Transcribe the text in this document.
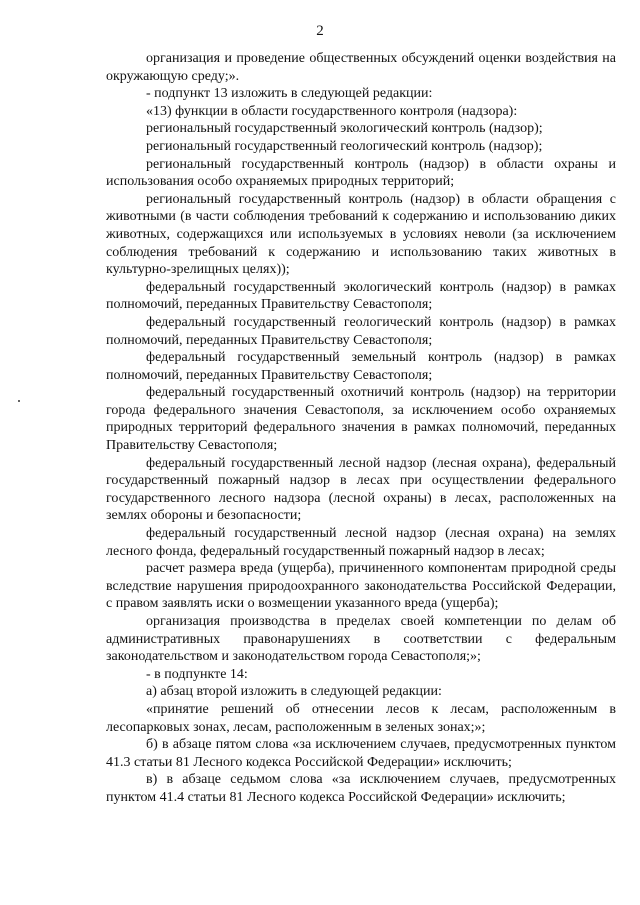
2

организация и проведение общественных обсуждений оценки воздействия на окружающую среду;».

- подпункт 13 изложить в следующей редакции:

«13) функции в области государственного контроля (надзора):

региональный государственный экологический контроль (надзор);

региональный государственный геологический контроль (надзор);

региональный государственный контроль (надзор) в области охраны и использования особо охраняемых природных территорий;

региональный государственный контроль (надзор) в области обращения с животными (в части соблюдения требований к содержанию и использованию диких животных, содержащихся или используемых в условиях неволи (за исключением соблюдения требований к содержанию и использованию таких животных в культурно-зрелищных целях));

федеральный государственный экологический контроль (надзор) в рамках полномочий, переданных Правительству Севастополя;

федеральный государственный геологический контроль (надзор) в рамках полномочий, переданных Правительству Севастополя;

федеральный государственный земельный контроль (надзор) в рамках полномочий, переданных Правительству Севастополя;

федеральный государственный охотничий контроль (надзор) на территории города федерального значения Севастополя, за исключением особо охраняемых природных территорий федерального значения в рамках полномочий, переданных Правительству Севастополя;

федеральный государственный лесной надзор (лесная охрана), федеральный государственный пожарный надзор в лесах при осуществлении федерального государственного лесного надзора (лесной охраны) в лесах, расположенных на землях обороны и безопасности;

федеральный государственный лесной надзор (лесная охрана) на землях лесного фонда, федеральный государственный пожарный надзор в лесах;

расчет размера вреда (ущерба), причиненного компонентам природной среды вследствие нарушения природоохранного законодательства Российской Федерации, с правом заявлять иски о возмещении указанного вреда (ущерба);

организация производства в пределах своей компетенции по делам об административных правонарушениях в соответствии с федеральным законодательством и законодательством города Севастополя;»;

- в подпункте 14:

а) абзац второй изложить в следующей редакции:

«принятие решений об отнесении лесов к лесам, расположенным в лесопарковых зонах, лесам, расположенным в зеленых зонах;»;

б) в абзаце пятом слова «за исключением случаев, предусмотренных пунктом 41.3 статьи 81 Лесного кодекса Российской Федерации» исключить;

в) в абзаце седьмом слова «за исключением случаев, предусмотренных пунктом 41.4 статьи 81 Лесного кодекса Российской Федерации» исключить;
